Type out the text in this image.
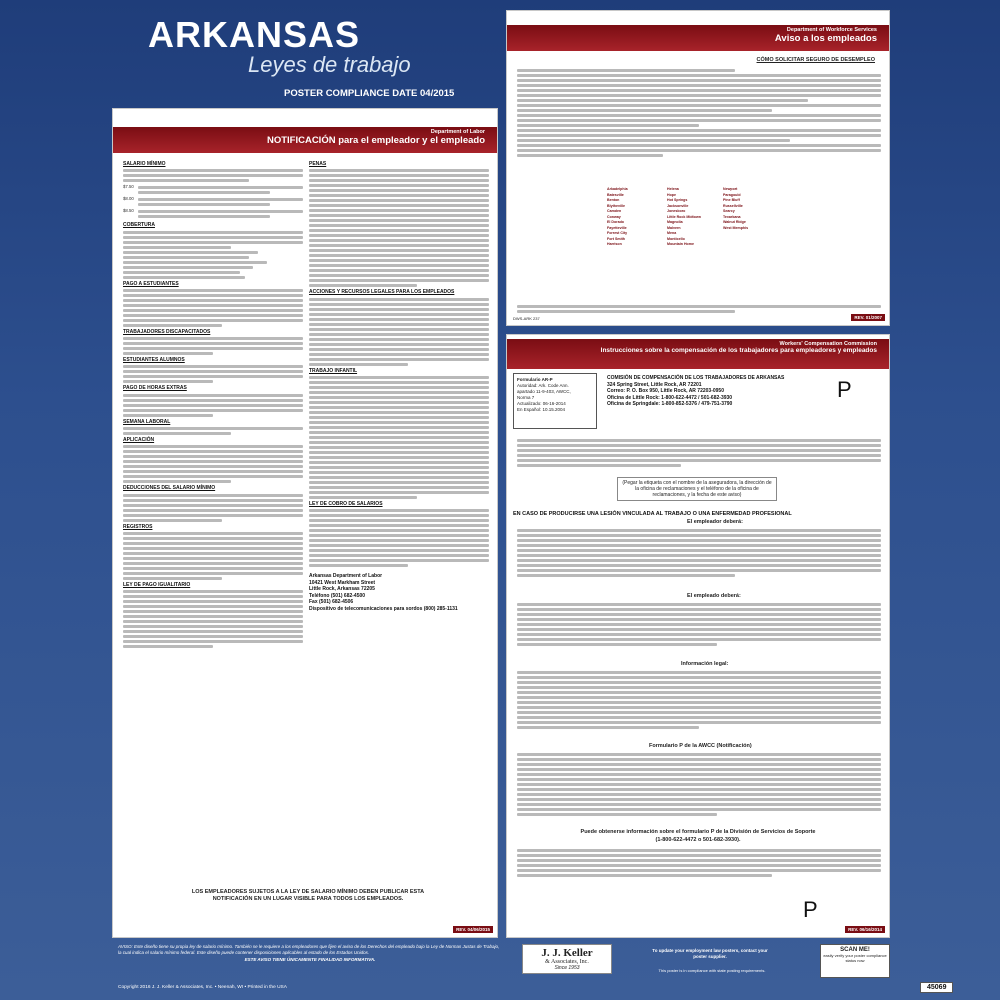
ARKANSAS
Leyes de trabajo
POSTER COMPLIANCE DATE 04/2015
Department of Labor
NOTIFICACIÓN para el empleador y el empleado
SALARIO MÍNIMO
$7.50
$8.00
$8.50
COBERTURA
PAGO A ESTUDIANTES
TRABAJADORES DISCAPACITADOS
ESTUDIANTES ALUMNOS
PAGO DE HORAS EXTRAS
SEMANA LABORAL
APLICACIÓN
DEDUCCIONES DEL SALARIO MÍNIMO
REGISTROS
LEY DE PAGO IGUALITARIO
PENAS
ACCIONES Y RECURSOS LEGALES PARA LOS EMPLEADOS
TRABAJO INFANTIL
LEY DE COBRO DE SALARIOS
Arkansas Department of Labor
10421 West Markham Street
Little Rock, Arkansas 72205
Teléfono (501) 682-4500
Fax (501) 682-4506
Dispositivo de telecomunicaciones para sordos (800) 285-1131
LOS EMPLEADORES SUJETOS A LA LEY DE SALARIO MÍNIMO DEBEN PUBLICAR ESTA NOTIFICACIÓN EN UN LUGAR VISIBLE PARA TODOS LOS EMPLEADOS.
REV. 04/06/2015
Department of Workforce Services
Aviso a los empleados
CÓMO SOLICITAR SEGURO DE DESEMPLEO
Arkadelphia
Batesville
Benton
Blytheville
Camden
Conway
El Dorado
Fayetteville
Forrest City
Fort Smith
Harrison
Helena
Hope
Hot Springs
Jacksonville
Jonesboro
Little Rock Midtown
Magnolia
Malvern
Mena
Monticello
Mountain Home
Newport
Paragould
Pine Bluff
Russellville
Searcy
Texarkana
Walnut Ridge
West Memphis
DWS-ARK 237	REV. 01/2007
Workers' Compensation Commission
Instrucciones sobre la compensación de los trabajadores para empleadores y empleados
Formulario AR-P
Autoridad: Ark. Code Ann.
apartado 11-9-403, AWCC,
Norma 7
Actualizado: 06-16-2014
En Español: 10.15.2004
COMISIÓN DE COMPENSACIÓN DE LOS TRABAJADORES DE ARKANSAS
324 Spring Street, Little Rock, AR 72201
Correo: P. O. Box 950, Little Rock, AR 72203-0950
Oficina de Little Rock: 1-800-622-4472 / 501-682-3930
Oficina de Springdale: 1-800-852-5376 / 479-751-3790
P
(Pegar la etiqueta con el nombre de la aseguradora, la dirección de la oficina de reclamaciones y el teléfono de la oficina de reclamaciones, y la fecha de este aviso)
EN CASO DE PRODUCIRSE UNA LESIÓN VINCULADA AL TRABAJO O UNA ENFERMEDAD PROFESIONAL
El empleador deberá:
El empleado deberá:
Información legal:
Formulario P de la AWCC (Notificación)
Puede obtenerse información sobre el formulario P de la División de Servicios de Soporte
(1-800-622-4472 o 501-682-3930).
P
REV. 06/16/2014
AVISO: Este diseño tiene su propia ley de salario mínimo. También se le requiere a los empleadores que fijen el aviso de los Derechos del empleado bajo la Ley de Normas Justas de Trabajo, la cual indica el salario mínimo federal. Este diseño puede contener disposiciones aplicables al estado de los Estados Unidos.
ESTE AVISO TIENE ÚNICAMENTE FINALIDAD INFORMATIVA.
J. J. Keller
& Associates, Inc.
Since 1953
To update your employment law posters, contact your poster supplier.
This poster is in compliance with state posting requirements.
SCAN ME!
easily verify your poster compliance status now
Copyright 2016 J. J. Keller & Associates, Inc. • Neenah, WI • Printed in the USA	45069
